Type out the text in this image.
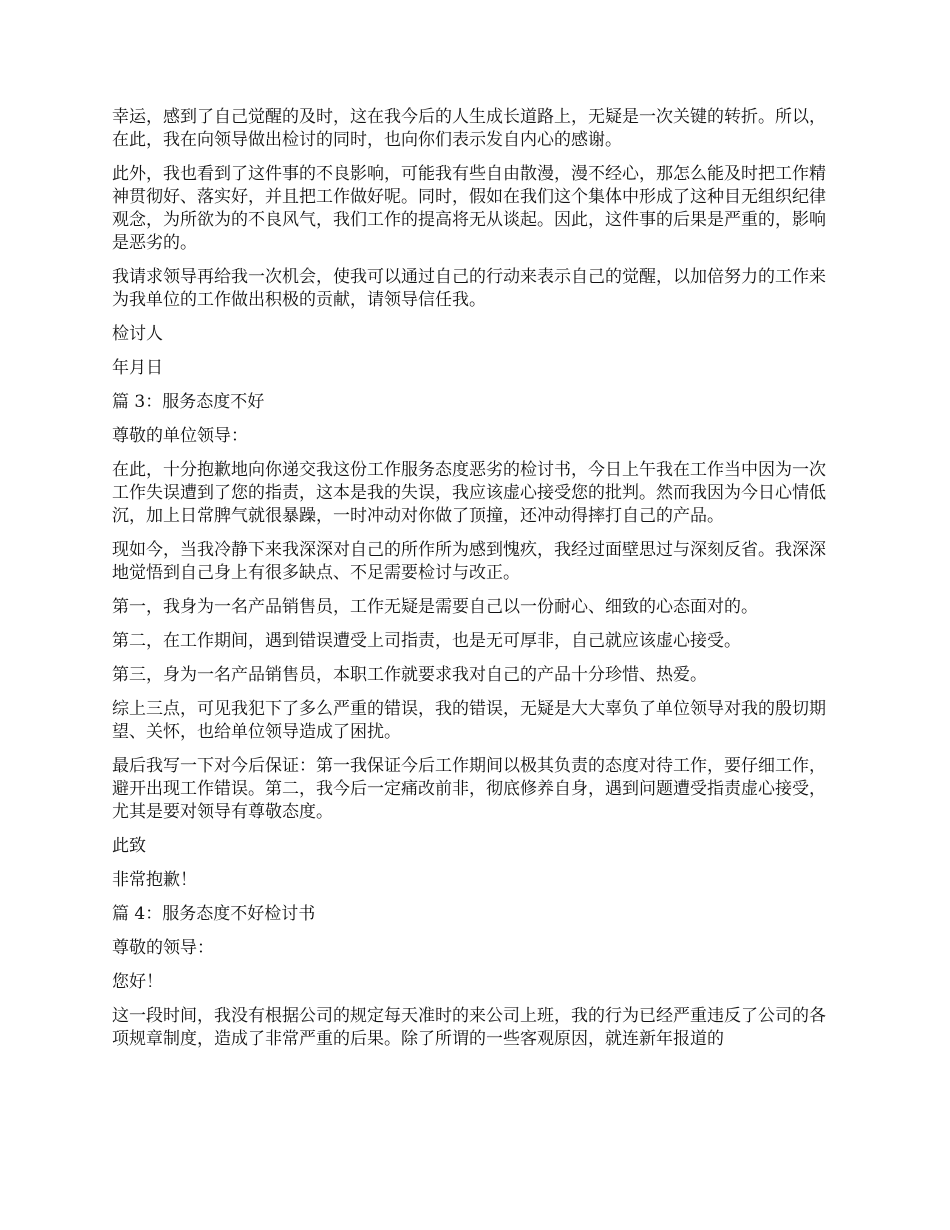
幸运，感到了自己觉醒的及时，这在我今后的人生成长道路上，无疑是一次关键的转折。所以，在此，我在向领导做出检讨的同时，也向你们表示发自内心的感谢。

此外，我也看到了这件事的不良影响，可能我有些自由散漫，漫不经心，那怎么能及时把工作精神贯彻好、落实好，并且把工作做好呢。同时，假如在我们这个集体中形成了这种目无组织纪律观念，为所欲为的不良风气，我们工作的提高将无从谈起。因此，这件事的后果是严重的，影响是恶劣的。

我请求领导再给我一次机会，使我可以通过自己的行动来表示自己的觉醒，以加倍努力的工作来为我单位的工作做出积极的贡献，请领导信任我。

检讨人

年月日

篇 3：服务态度不好

尊敬的单位领导：

在此，十分抱歉地向你递交我这份工作服务态度恶劣的检讨书，今日上午我在工作当中因为一次工作失误遭到了您的指责，这本是我的失误，我应该虚心接受您的批判。然而我因为今日心情低沉，加上日常脾气就很暴躁，一时冲动对你做了顶撞，还冲动得摔打自己的产品。

现如今，当我冷静下来我深深对自己的所作所为感到愧疚，我经过面壁思过与深刻反省。我深深地觉悟到自己身上有很多缺点、不足需要检讨与改正。

第一，我身为一名产品销售员，工作无疑是需要自己以一份耐心、细致的心态面对的。

第二，在工作期间，遇到错误遭受上司指责，也是无可厚非，自己就应该虚心接受。

第三，身为一名产品销售员，本职工作就要求我对自己的产品十分珍惜、热爱。

综上三点，可见我犯下了多么严重的错误，我的错误，无疑是大大辜负了单位领导对我的殷切期望、关怀，也给单位领导造成了困扰。

最后我写一下对今后保证：第一我保证今后工作期间以极其负责的态度对待工作，要仔细工作，避开出现工作错误。第二，我今后一定痛改前非，彻底修养自身，遇到问题遭受指责虚心接受，尤其是要对领导有尊敬态度。

此致

非常抱歉！

篇 4：服务态度不好检讨书

尊敬的领导：

您好！

这一段时间，我没有根据公司的规定每天准时的来公司上班，我的行为已经严重违反了公司的各项规章制度，造成了非常严重的后果。除了所谓的一些客观原因，就连新年报道的
